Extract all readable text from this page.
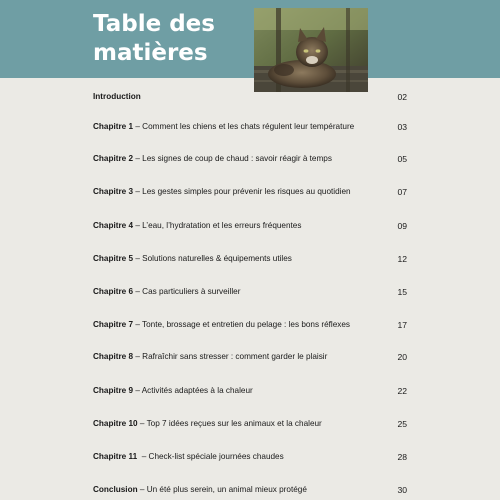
Table des
matières
Introduction	02
Chapitre 1 – Comment les chiens et les chats régulent leur température	03
Chapitre 2 – Les signes de coup de chaud : savoir réagir à temps	05
Chapitre 3 – Les gestes simples pour prévenir les risques au quotidien	07
Chapitre 4 – L’eau, l’hydratation et les erreurs fréquentes	09
Chapitre 5 – Solutions naturelles & équipements utiles	12
Chapitre 6 – Cas particuliers à surveiller	15
Chapitre 7 – Tonte, brossage et entretien du pelage : les bons réflexes	17
Chapitre 8 – Rafraîchir sans stresser : comment garder le plaisir	20
Chapitre 9 – Activités adaptées à la chaleur	22
Chapitre 10 – Top 7 idées reçues sur les animaux et la chaleur	25
Chapitre 11  – Check-list spéciale journées chaudes	28
Conclusion – Un été plus serein, un animal mieux protégé	30
